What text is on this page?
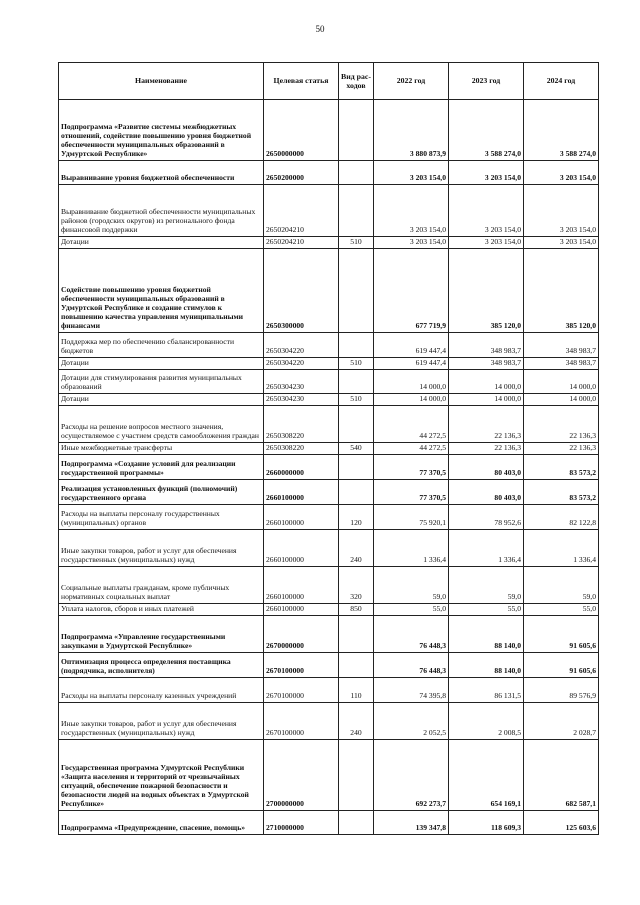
50
Наименование	Целевая статья	Вид рас-ходов	2022 год	2023 год	2024 год
Подпрограмма «Развитие системы межбюджетных отношений, содействие повышению уровня бюджетной обеспеченности муниципальных образований в Удмуртской Республике»	2650000000		3 880 873,9	3 588 274,0	3 588 274,0
Выравнивание уровня бюджетной обеспеченности	2650200000		3 203 154,0	3 203 154,0	3 203 154,0
Выравнивание бюджетной обеспеченности муниципальных районов (городских округов) из регионального фонда финансовой поддержки	2650204210		3 203 154,0	3 203 154,0	3 203 154,0
Дотации	2650204210	510	3 203 154,0	3 203 154,0	3 203 154,0
Содействие повышению уровня бюджетной обеспеченности муниципальных образований в Удмуртской Республике и создание стимулов к повышению качества управления муниципальными финансами	2650300000		677 719,9	385 120,0	385 120,0
Поддержка мер по обеспечению сбалансированности бюджетов	2650304220		619 447,4	348 983,7	348 983,7
Дотации	2650304220	510	619 447,4	348 983,7	348 983,7
Дотации для стимулирования развития муниципальных образований	2650304230		14 000,0	14 000,0	14 000,0
Дотации	2650304230	510	14 000,0	14 000,0	14 000,0
Расходы на решение вопросов местного значения, осуществляемое с участием средств самообложения граждан	2650308220		44 272,5	22 136,3	22 136,3
Иные межбюджетные трансферты	2650308220	540	44 272,5	22 136,3	22 136,3
Подпрограмма «Создание условий для реализации государственной программы»	2660000000		77 370,5	80 403,0	83 573,2
Реализация установленных функций (полномочий) государственного органа	2660100000		77 370,5	80 403,0	83 573,2
Расходы на выплаты персоналу государственных (муниципальных) органов	2660100000	120	75 920,1	78 952,6	82 122,8
Иные закупки товаров, работ и услуг для обеспечения государственных (муниципальных) нужд	2660100000	240	1 336,4	1 336,4	1 336,4
Социальные выплаты гражданам, кроме публичных нормативных социальных выплат	2660100000	320	59,0	59,0	59,0
Уплата налогов, сборов и иных платежей	2660100000	850	55,0	55,0	55,0
Подпрограмма «Управление государственными закупками в Удмуртской Республике»	2670000000		76 448,3	88 140,0	91 605,6
Оптимизация процесса определения поставщика (подрядчика, исполнителя)	2670100000		76 448,3	88 140,0	91 605,6
Расходы на выплаты персоналу казенных учреждений	2670100000	110	74 395,8	86 131,5	89 576,9
Иные закупки товаров, работ и услуг для обеспечения государственных (муниципальных) нужд	2670100000	240	2 052,5	2 008,5	2 028,7
Государственная программа Удмуртской Республики «Защита населения и территорий от чрезвычайных ситуаций, обеспечение пожарной безопасности и безопасности людей на водных объектах в Удмуртской Республике»	2700000000		692 273,7	654 169,1	682 587,1
Подпрограмма «Предупреждение, спасение, помощь»	2710000000		139 347,8	118 609,3	125 603,6
